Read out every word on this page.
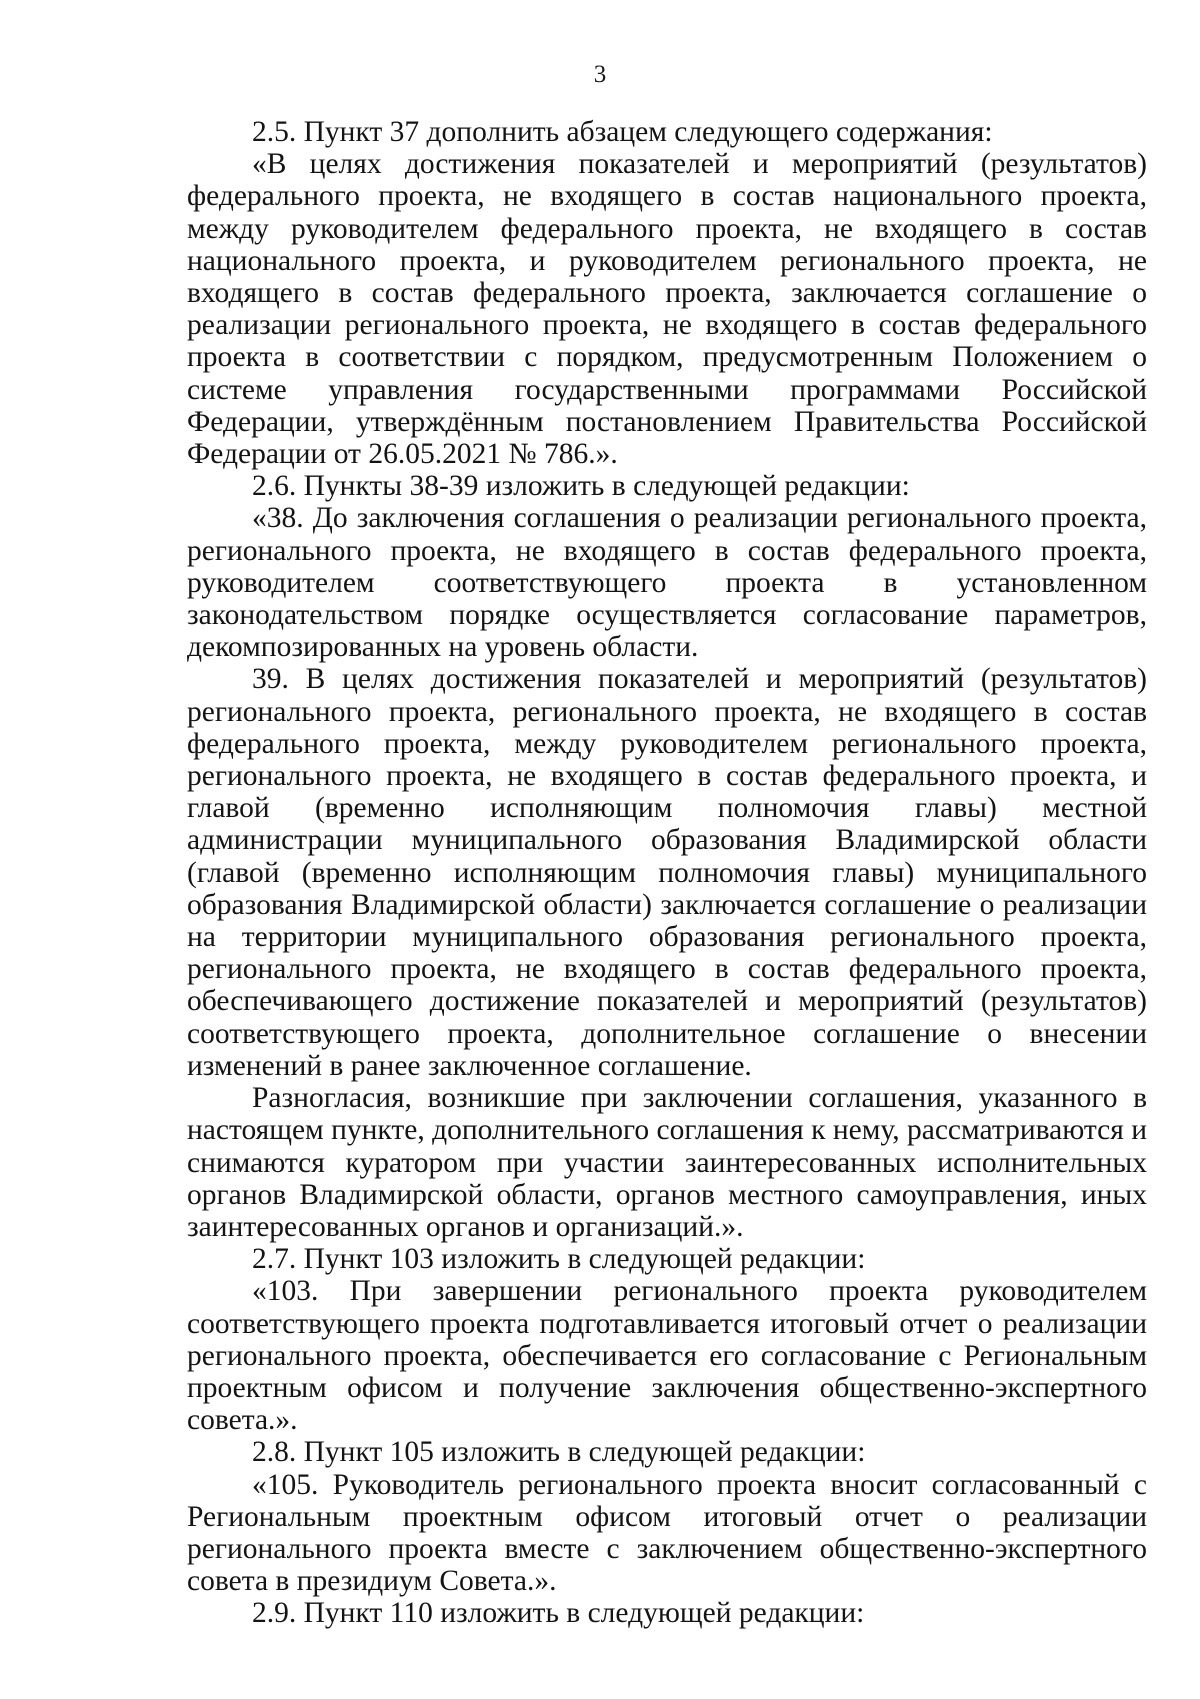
3

2.5. Пункт 37 дополнить абзацем следующего содержания:

«В целях достижения показателей и мероприятий (результатов) федерального проекта, не входящего в состав национального проекта, между руководителем федерального проекта, не входящего в состав национального проекта, и руководителем регионального проекта, не входящего в состав федерального проекта, заключается соглашение о реализации регионального проекта, не входящего в состав федерального проекта в соответствии с порядком, предусмотренным Положением о системе управления государственными программами Российской Федерации, утверждённым постановлением Правительства Российской Федерации от 26.05.2021 № 786.».

2.6. Пункты 38-39 изложить в следующей редакции:

«38. До заключения соглашения о реализации регионального проекта, регионального проекта, не входящего в состав федерального проекта, руководителем соответствующего проекта в установленном законодательством порядке осуществляется согласование параметров, декомпозированных на уровень области.

39. В целях достижения показателей и мероприятий (результатов) регионального проекта, регионального проекта, не входящего в состав федерального проекта, между руководителем регионального проекта, регионального проекта, не входящего в состав федерального проекта, и главой (временно исполняющим полномочия главы) местной администрации муниципального образования Владимирской области (главой (временно исполняющим полномочия главы) муниципального образования Владимирской области) заключается соглашение о реализации на территории муниципального образования регионального проекта, регионального проекта, не входящего в состав федерального проекта, обеспечивающего достижение показателей и мероприятий (результатов) соответствующего проекта, дополнительное соглашение о внесении изменений в ранее заключенное соглашение.

Разногласия, возникшие при заключении соглашения, указанного в настоящем пункте, дополнительного соглашения к нему, рассматриваются и снимаются куратором при участии заинтересованных исполнительных органов Владимирской области, органов местного самоуправления, иных заинтересованных органов и организаций.».

2.7. Пункт 103 изложить в следующей редакции:

«103. При завершении регионального проекта руководителем соответствующего проекта подготавливается итоговый отчет о реализации регионального проекта, обеспечивается его согласование с Региональным проектным офисом и получение заключения общественно-экспертного совета.».

2.8. Пункт 105 изложить в следующей редакции:

«105. Руководитель регионального проекта вносит согласованный с Региональным проектным офисом итоговый отчет о реализации регионального проекта вместе с заключением общественно-экспертного совета в президиум Совета.».

2.9. Пункт 110 изложить в следующей редакции:
